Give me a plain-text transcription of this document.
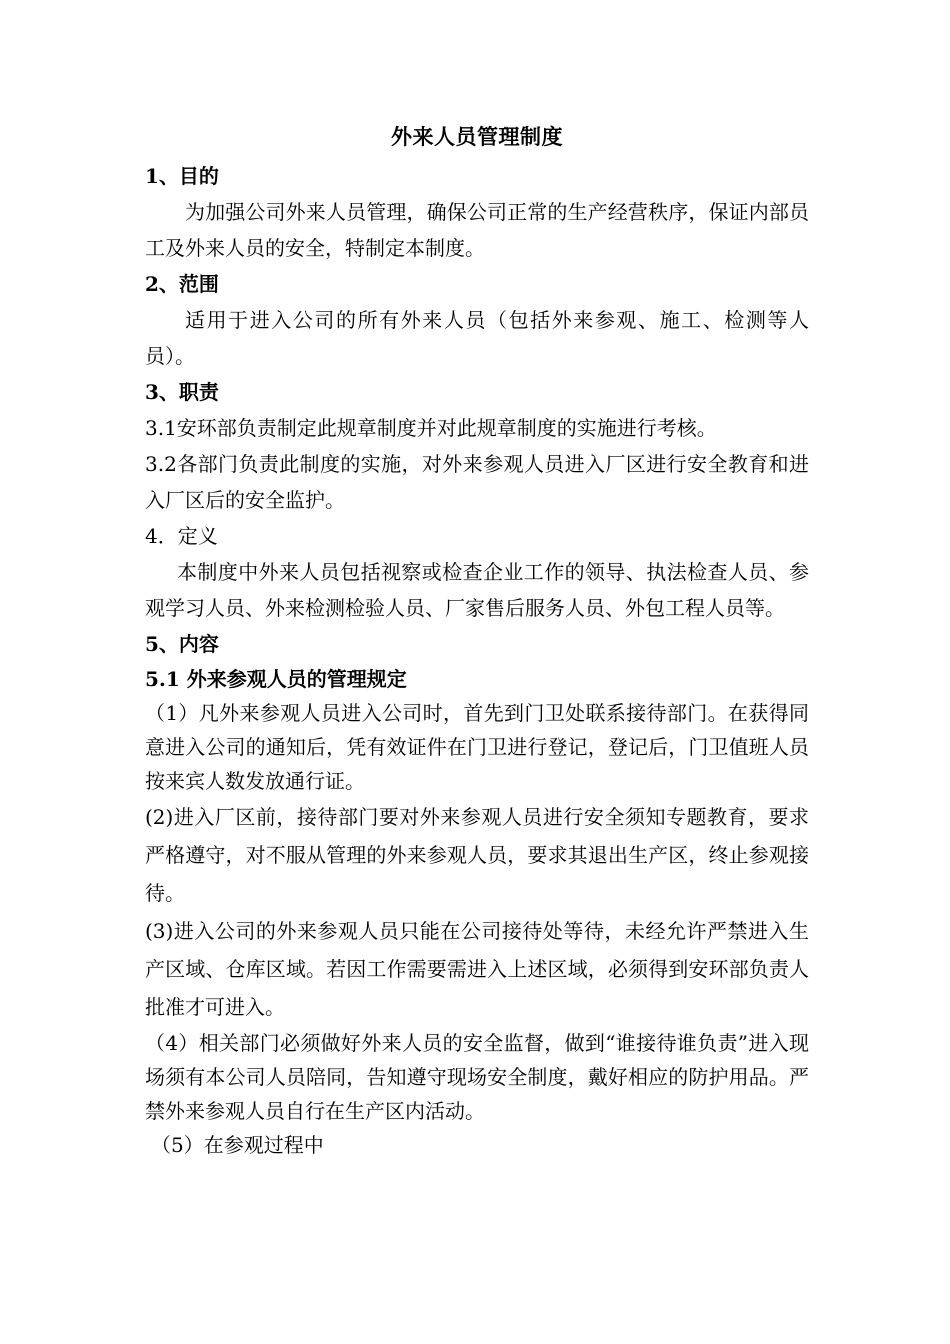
外来人员管理制度

1、目的

为加强公司外来人员管理，确保公司正常的生产经营秩序，保证内部员工及外来人员的安全，特制定本制度。

2、范围

适用于进入公司的所有外来人员（包括外来参观、施工、检测等人员）。

3、职责

3.1安环部负责制定此规章制度并对此规章制度的实施进行考核。

3.2各部门负责此制度的实施，对外来参观人员进入厂区进行安全教育和进入厂区后的安全监护。

4．定义

本制度中外来人员包括视察或检查企业工作的领导、执法检查人员、参观学习人员、外来检测检验人员、厂家售后服务人员、外包工程人员等。

5、内容

5.1 外来参观人员的管理规定

（1）凡外来参观人员进入公司时，首先到门卫处联系接待部门。在获得同意进入公司的通知后，凭有效证件在门卫进行登记，登记后，门卫值班人员按来宾人数发放通行证。

(2)进入厂区前，接待部门要对外来参观人员进行安全须知专题教育，要求严格遵守，对不服从管理的外来参观人员，要求其退出生产区，终止参观接待。

(3)进入公司的外来参观人员只能在公司接待处等待，未经允许严禁进入生产区域、仓库区域。若因工作需要需进入上述区域，必须得到安环部负责人批准才可进入。

（4）相关部门必须做好外来人员的安全监督，做到“谁接待谁负责”进入现场须有本公司人员陪同，告知遵守现场安全制度，戴好相应的防护用品。严禁外来参观人员自行在生产区内活动。

（5）在参观过程中
